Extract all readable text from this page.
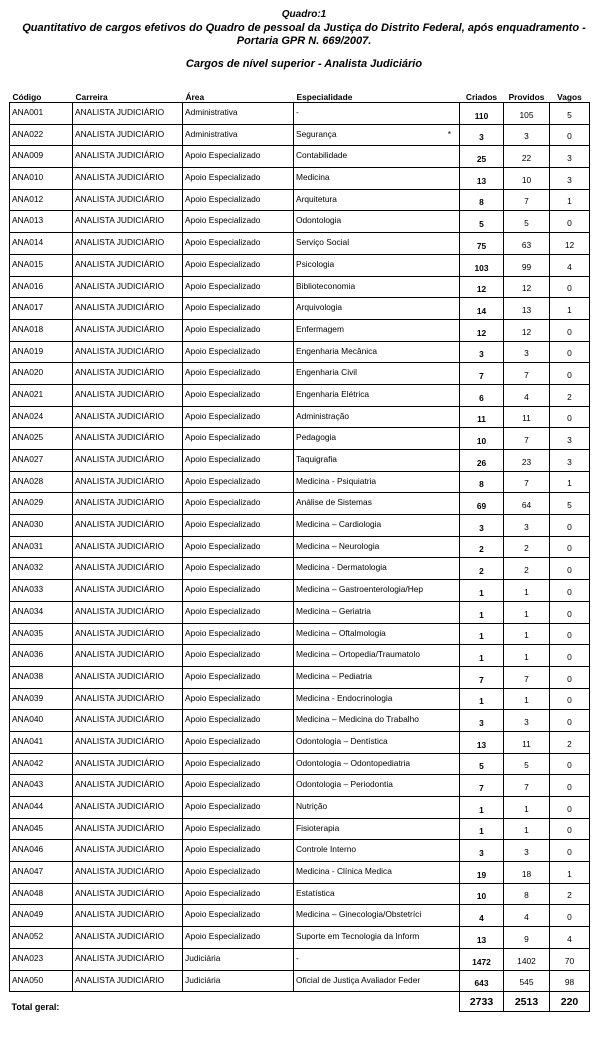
Quadro:1
Quantitativo de cargos efetivos do Quadro de pessoal da Justiça do Distrito Federal, após enquadramento -
Portaria GPR N. 669/2007.
Cargos de nível superior - Analista Judiciário
Código	Carreira	Área	Especialidade	Criados	Providos	Vagos
ANA001	ANALISTA JUDICIÁRIO	Administrativa	-	110	105	5
ANA022	ANALISTA JUDICIÁRIO	Administrativa	Segurança *	3	3	0
ANA009	ANALISTA JUDICIÁRIO	Apoio Especializado	Contabilidade	25	22	3
ANA010	ANALISTA JUDICIÁRIO	Apoio Especializado	Medicina	13	10	3
ANA012	ANALISTA JUDICIÁRIO	Apoio Especializado	Arquitetura	8	7	1
ANA013	ANALISTA JUDICIÁRIO	Apoio Especializado	Odontologia	5	5	0
ANA014	ANALISTA JUDICIÁRIO	Apoio Especializado	Serviço Social	75	63	12
ANA015	ANALISTA JUDICIÁRIO	Apoio Especializado	Psicologia	103	99	4
ANA016	ANALISTA JUDICIÁRIO	Apoio Especializado	Biblioteconomia	12	12	0
ANA017	ANALISTA JUDICIÁRIO	Apoio Especializado	Arquivologia	14	13	1
ANA018	ANALISTA JUDICIÁRIO	Apoio Especializado	Enfermagem	12	12	0
ANA019	ANALISTA JUDICIÁRIO	Apoio Especializado	Engenharia Mecânica	3	3	0
ANA020	ANALISTA JUDICIÁRIO	Apoio Especializado	Engenharia Civil	7	7	0
ANA021	ANALISTA JUDICIÁRIO	Apoio Especializado	Engenharia Elétrica	6	4	2
ANA024	ANALISTA JUDICIÁRIO	Apoio Especializado	Administração	11	11	0
ANA025	ANALISTA JUDICIÁRIO	Apoio Especializado	Pedagogia	10	7	3
ANA027	ANALISTA JUDICIÁRIO	Apoio Especializado	Taquigrafia	26	23	3
ANA028	ANALISTA JUDICIÁRIO	Apoio Especializado	Medicina - Psiquiatria	8	7	1
ANA029	ANALISTA JUDICIÁRIO	Apoio Especializado	Análise de Sistemas	69	64	5
ANA030	ANALISTA JUDICIÁRIO	Apoio Especializado	Medicina – Cardiologia	3	3	0
ANA031	ANALISTA JUDICIÁRIO	Apoio Especializado	Medicina – Neurologia	2	2	0
ANA032	ANALISTA JUDICIÁRIO	Apoio Especializado	Medicina - Dermatologia	2	2	0
ANA033	ANALISTA JUDICIÁRIO	Apoio Especializado	Medicina – Gastroenterologia/Hep	1	1	0
ANA034	ANALISTA JUDICIÁRIO	Apoio Especializado	Medicina – Geriatria	1	1	0
ANA035	ANALISTA JUDICIÁRIO	Apoio Especializado	Medicina – Oftalmologia	1	1	0
ANA036	ANALISTA JUDICIÁRIO	Apoio Especializado	Medicina – Ortopedia/Traumatolo	1	1	0
ANA038	ANALISTA JUDICIÁRIO	Apoio Especializado	Medicina – Pediatria	7	7	0
ANA039	ANALISTA JUDICIÁRIO	Apoio Especializado	Medicina - Endocrinologia	1	1	0
ANA040	ANALISTA JUDICIÁRIO	Apoio Especializado	Medicina – Medicina do Trabalho	3	3	0
ANA041	ANALISTA JUDICIÁRIO	Apoio Especializado	Odontologia – Dentística	13	11	2
ANA042	ANALISTA JUDICIÁRIO	Apoio Especializado	Odontologia – Odontopediatria	5	5	0
ANA043	ANALISTA JUDICIÁRIO	Apoio Especializado	Odontologia – Periodontia	7	7	0
ANA044	ANALISTA JUDICIÁRIO	Apoio Especializado	Nutrição	1	1	0
ANA045	ANALISTA JUDICIÁRIO	Apoio Especializado	Fisioterapia	1	1	0
ANA046	ANALISTA JUDICIÁRIO	Apoio Especializado	Controle Interno	3	3	0
ANA047	ANALISTA JUDICIÁRIO	Apoio Especializado	Medicina - Clínica Medica	19	18	1
ANA048	ANALISTA JUDICIÁRIO	Apoio Especializado	Estatística	10	8	2
ANA049	ANALISTA JUDICIÁRIO	Apoio Especializado	Medicina – Ginecologia/Obstetríci	4	4	0
ANA052	ANALISTA JUDICIÁRIO	Apoio Especializado	Suporte em Tecnologia da Inform	13	9	4
ANA023	ANALISTA JUDICIÁRIO	Judiciária	-	1472	1402	70
ANA050	ANALISTA JUDICIÁRIO	Judiciária	Oficial de Justiça Avaliador Feder	643	545	98
Total geral:				2733	2513	220
